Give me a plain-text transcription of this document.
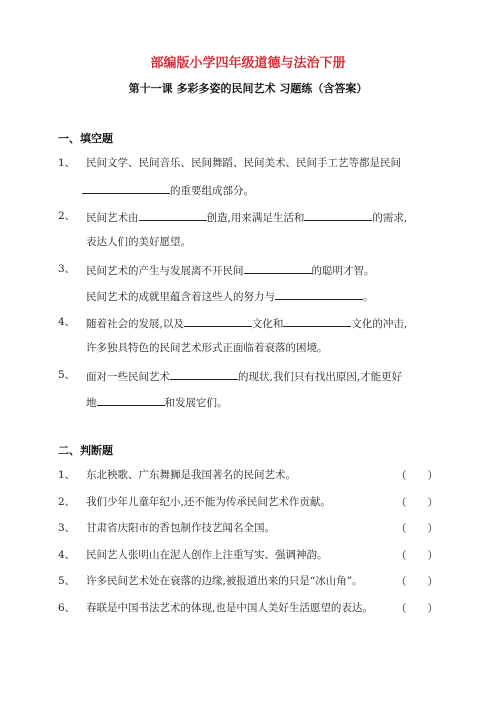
部编版小学四年级道德与法治下册
第十一课 多彩多姿的民间艺术 习题练（含答案）
一、填空题
1、 民间文学、民间音乐、民间舞蹈、民间美术、民间手工艺等都是民间
的重要组成部分。
2、 民间艺术由	创造,用来满足生活和	的需求,
表达人们的美好愿望。
3、 民间艺术的产生与发展离不开民间	的聪明才智。
民间艺术的成就里蕴含着这些人的努力与	。
4、 随着社会的发展,以及	文化和	文化的冲击,
许多独具特色的民间艺术形式正面临着衰落的困境。
5、 面对一些民间艺术	的现状,我们只有找出原因,才能更好
地	和发展它们。
二、判断题
1、 东北秧歌、广东舞狮是我国著名的民间艺术。	（　　）
2、 我们少年儿童年纪小,还不能为传承民间艺术作贡献。	（　　）
3、 甘肃省庆阳市的香包制作技艺闻名全国。	（　　）
4、 民间艺人张明山在泥人创作上注重写实、强调神韵。	（　　）
5、 许多民间艺术处在衰落的边缘,被报道出来的只是“冰山角”。	（　　）
6、 春联是中国书法艺术的体现,也是中国人美好生活愿望的表达。 （　　）
